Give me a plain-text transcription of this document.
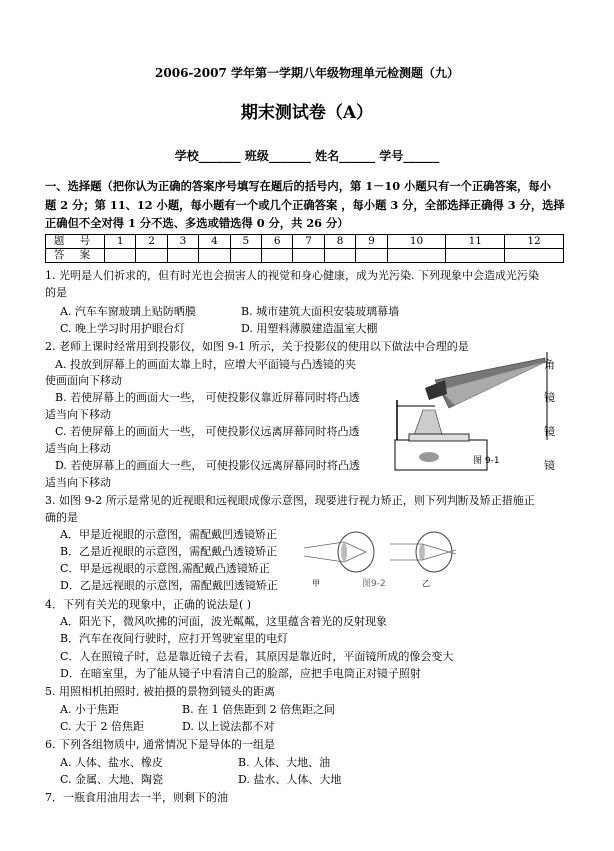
2006-2007 学年第一学期八年级物理单元检测题（九）
期末测试卷（A）
学校_______ 班级_______ 姓名______ 学号______
一、选择题（把你认为正确的答案序号填写在题后的括号内，第 1－10 小题只有一个正确答案，每小
题 2 分；第 11、12 小题，每小题有一个或几个正确答案 ，每小题 3 分，全部选择正确得 3 分，选择
正确但不全对得 1 分不选、多选或错选得 0 分，共 26 分）
题 号	1	2	3	4	5	6	7	8	9	10	11	12
答 案												
1. 光明是人们祈求的，但有时光也会损害人的视觉和身心健康，成为光污染. 下列现象中会造成光污染
的是
A. 汽车车窗玻璃上贴防晒膜	B. 城市建筑大面积安装玻璃幕墙
C. 晚上学习时用护眼台灯	D. 用塑料薄膜建造温室大棚
2. 老师上课时经常用到投影仪，如图 9-1 所示，关于投影仪的使用以下做法中合理的是
A. 投放到屏幕上的画面太靠上时，应增大平面镜与凸透镜的夹	角
使画面向下移动
B. 若使屏幕上的画面大一些， 可使投影仪靠近屏幕同时将凸透	镜
适当向下移动
C. 若使屏幕上的画面大一些， 可使投影仪远离屏幕同时将凸透	镜
适当向上移动
D. 若使屏幕上的画面大一些， 可使投影仪远离屏幕同时将凸透	镜
适当向下移动
图 9-1
3. 如图 9-2 所示是常见的近视眼和远视眼成像示意图，现要进行视力矫正，则下列判断及矫正措施正
确的是
A．甲是近视眼的示意图，需配戴凹透镜矫正
B．乙是近视眼的示意图，需配戴凸透镜矫正
C．甲是远视眼的示意图,需配戴凸透镜矫正
D．乙是远视眼的示意图，需配戴凹透镜矫正	甲	图9-2	乙
4．下列有关光的现象中，正确的说法是( )
A．阳光下，微风吹拂的河面，波光粼粼，这里蕴含着光的反射现象
B．汽车在夜间行驶时，应打开驾驶室里的电灯
C．人在照镜子时，总是靠近镜子去看，其原因是靠近时，平面镜所成的像会变大
D．在暗室里，为了能从镜子中看清自己的脸部，应把手电筒正对镜子照射
5. 用照相机拍照时, 被拍摄的景物到镜头的距离
A. 小于焦距	B. 在 1 倍焦距到 2 倍焦距之间
C. 大于 2 倍焦距	D. 以上说法都不对
6. 下列各组物质中, 通常情况下是导体的一组是
A. 人体、盐水、橡皮	B. 人体、大地、油
C. 金属、大地、陶瓷	D. 盐水、人体、大地
7．一瓶食用油用去一半，则剩下的油
